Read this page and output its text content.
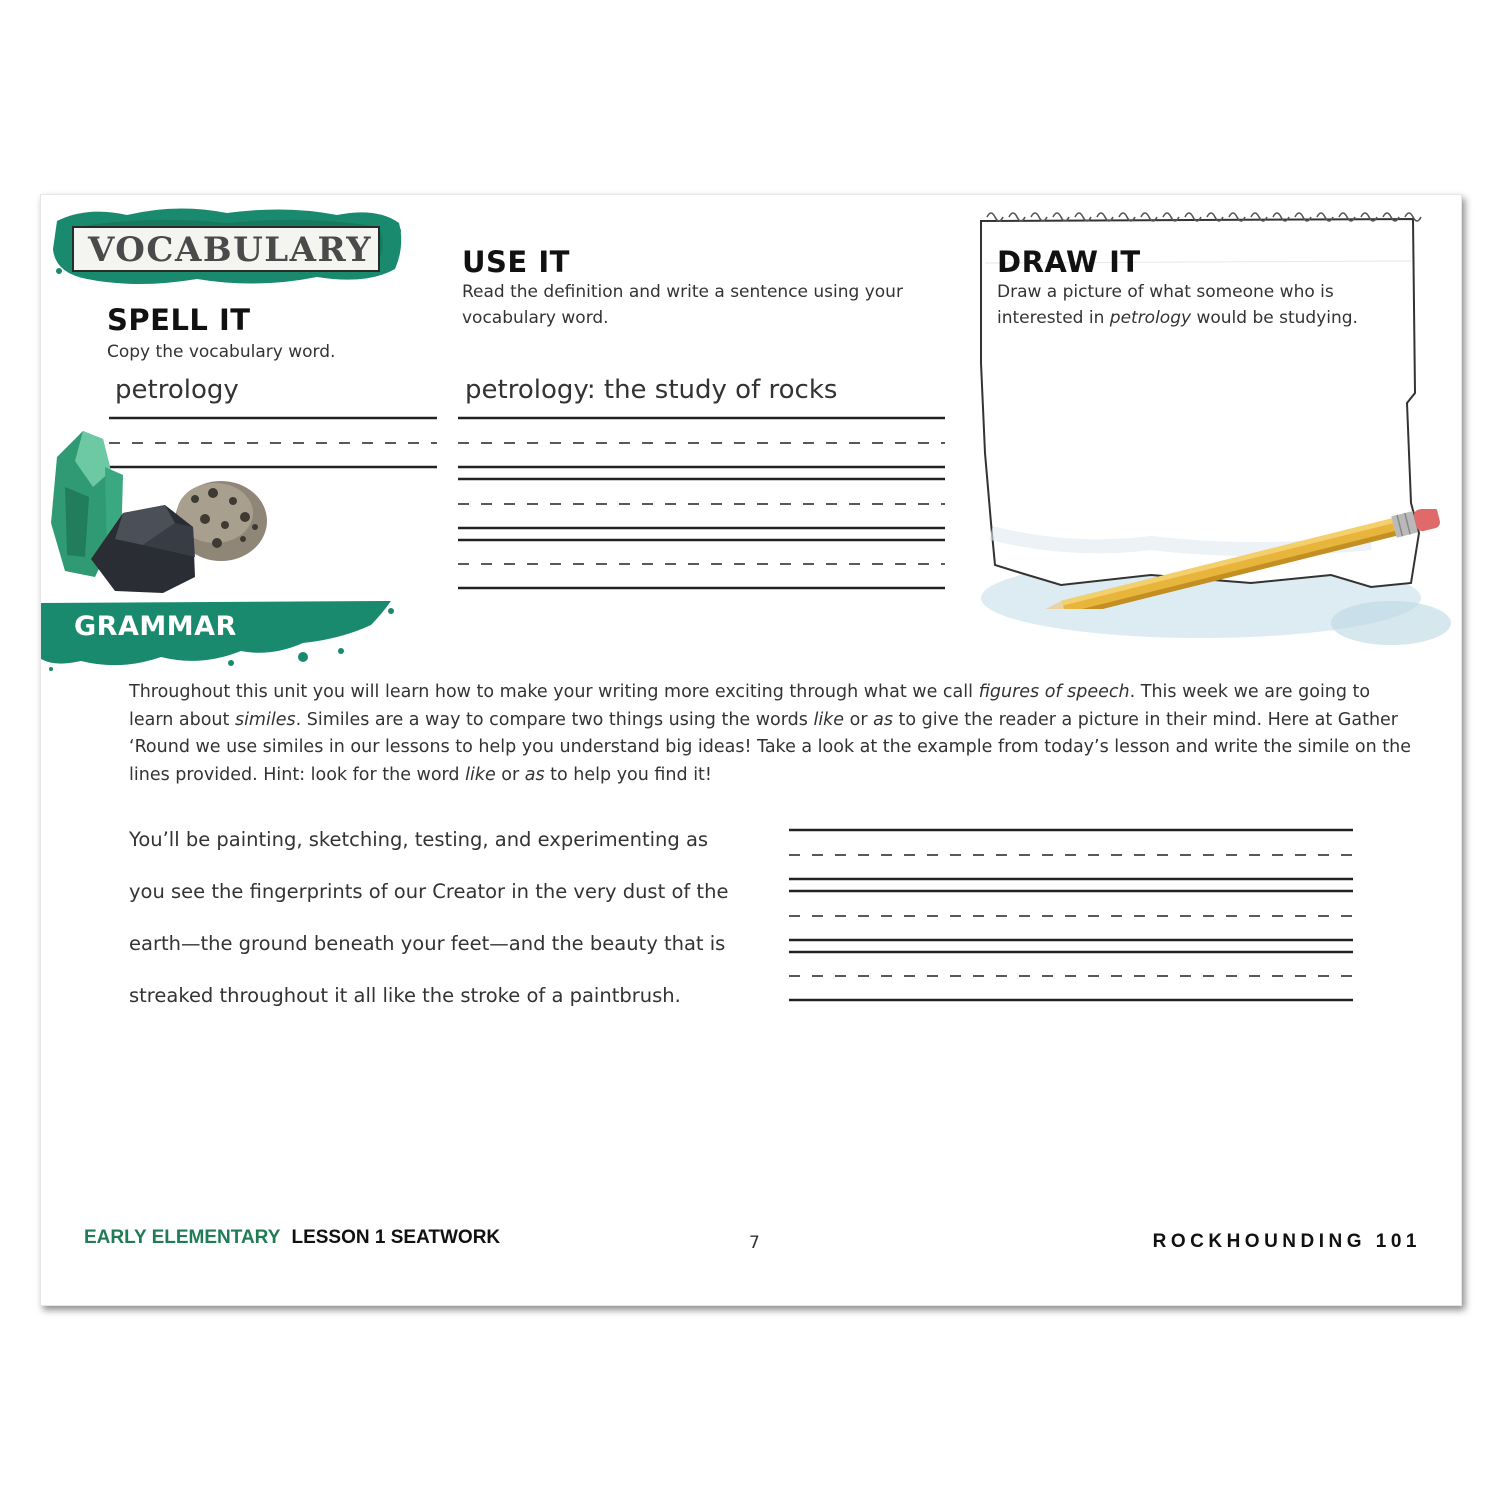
VOCABULARY
SPELL IT
Copy the vocabulary word.
petrology
USE IT
Read the definition and write a sentence using your
vocabulary word.
petrology: the study of rocks
DRAW IT
Draw a picture of what someone who is
interested in petrology would be studying.
GRAMMAR
Throughout this unit you will learn how to make your writing more exciting through what we call figures of speech. This week we are going to learn about similes. Similes are a way to compare two things using the words like or as to give the reader a picture in their mind. Here at Gather ‘Round we use similes in our lessons to help you understand big ideas! Take a look at the example from today’s lesson and write the simile on the lines provided. Hint: look for the word like or as to help you find it!
You’ll be painting, sketching, testing, and experimenting as
you see the fingerprints of our Creator in the very dust of the
earth—the ground beneath your feet—and the beauty that is
streaked throughout it all like the stroke of a paintbrush.
EARLY ELEMENTARY LESSON 1 SEATWORK	7	ROCKHOUNDING 101
